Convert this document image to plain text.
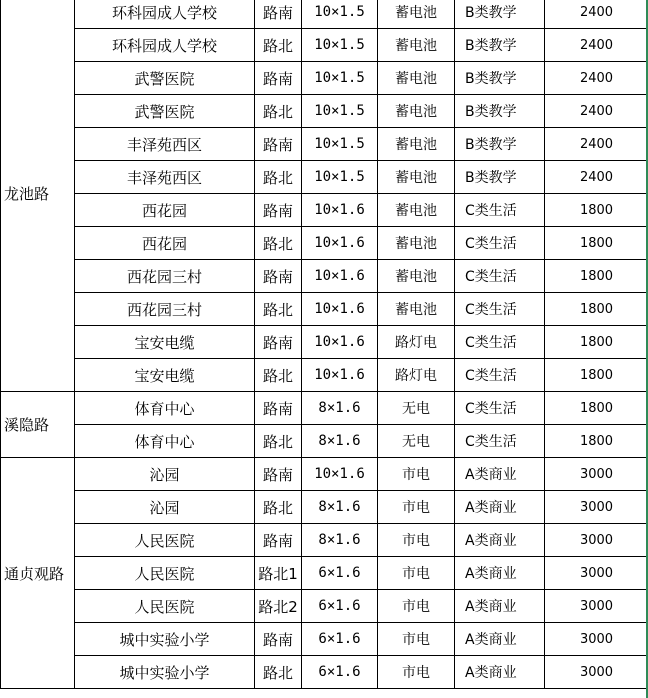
龙池路	环科园成人学校	路南	10×1.5	蓄电池	B类教学	2400
	环科园成人学校	路北	10×1.5	蓄电池	B类教学	2400
	武警医院	路南	10×1.5	蓄电池	B类教学	2400
	武警医院	路北	10×1.5	蓄电池	B类教学	2400
	丰泽苑西区	路南	10×1.5	蓄电池	B类教学	2400
	丰泽苑西区	路北	10×1.5	蓄电池	B类教学	2400
	西花园	路南	10×1.6	蓄电池	C类生活	1800
	西花园	路北	10×1.6	蓄电池	C类生活	1800
	西花园三村	路南	10×1.6	蓄电池	C类生活	1800
	西花园三村	路北	10×1.6	蓄电池	C类生活	1800
	宝安电缆	路南	10×1.6	路灯电	C类生活	1800
	宝安电缆	路北	10×1.6	路灯电	C类生活	1800
溪隐路	体育中心	路南	8×1.6	无电	C类生活	1800
	体育中心	路北	8×1.6	无电	C类生活	1800
通贞观路	沁园	路南	10×1.6	市电	A类商业	3000
	沁园	路北	8×1.6	市电	A类商业	3000
	人民医院	路南	8×1.6	市电	A类商业	3000
	人民医院	路北1	6×1.6	市电	A类商业	3000
	人民医院	路北2	6×1.6	市电	A类商业	3000
	城中实验小学	路南	6×1.6	市电	A类商业	3000
	城中实验小学	路北	6×1.6	市电	A类商业	3000
